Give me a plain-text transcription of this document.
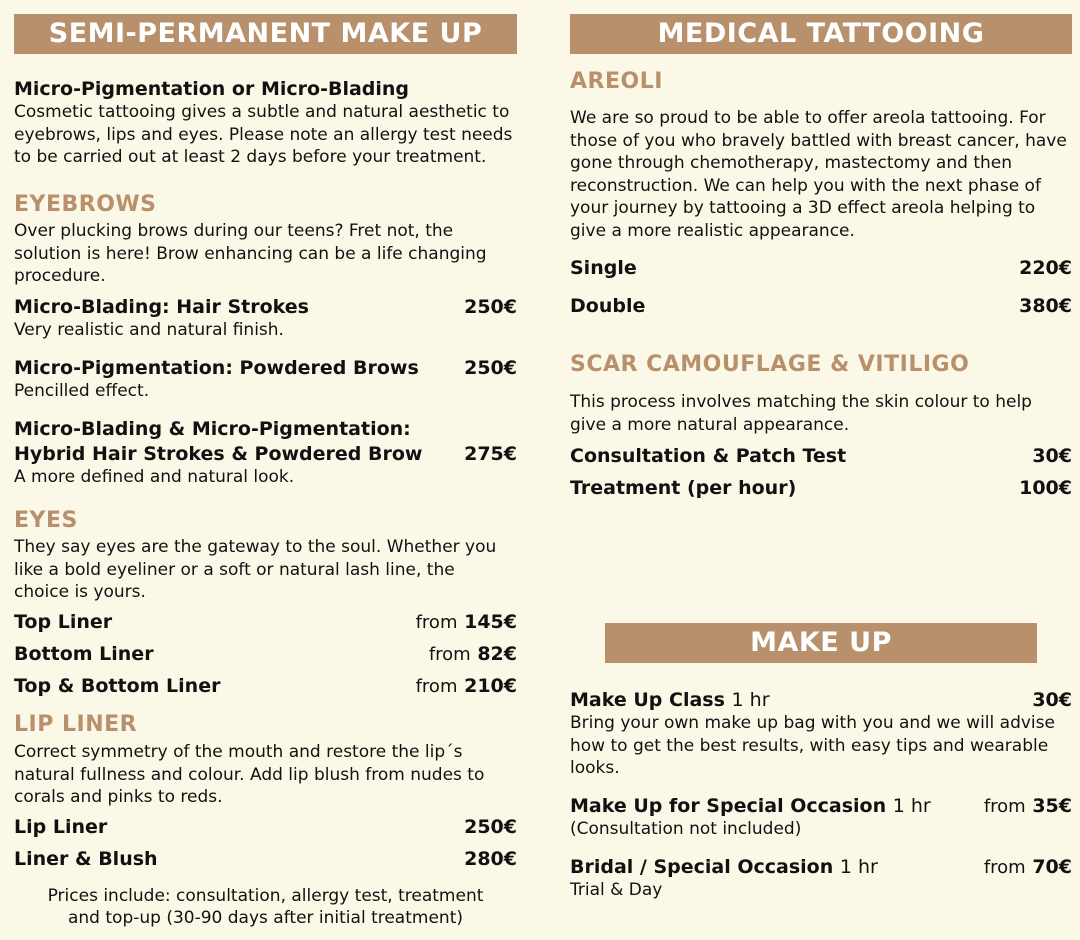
SEMI-PERMANENT MAKE UP
Micro-Pigmentation or Micro-Blading
Cosmetic tattooing gives a subtle and natural aesthetic to eyebrows, lips and eyes. Please note an allergy test needs to be carried out at least 2 days before your treatment.
EYEBROWS
Over plucking brows during our teens? Fret not, the solution is here! Brow enhancing can be a life changing procedure.
Micro-Blading: Hair Strokes	250€
Very realistic and natural finish.
Micro-Pigmentation: Powdered Brows 250€
Pencilled effect.
Micro-Blading & Micro-Pigmentation:
Hybrid Hair Strokes & Powdered Brow 275€
A more defined and natural look.
EYES
They say eyes are the gateway to the soul. Whether you like a bold eyeliner or a soft or natural lash line, the choice is yours.
Top Liner	from 145€
Bottom Liner	from 82€
Top & Bottom Liner	from 210€
LIP LINER
Correct symmetry of the mouth and restore the lip´s natural fullness and colour. Add lip blush from nudes to corals and pinks to reds.
Lip Liner	250€
Liner & Blush	280€
Prices include: consultation, allergy test, treatment
and top-up (30-90 days after initial treatment)
MEDICAL TATTOOING
AREOLI
We are so proud to be able to offer areola tattooing. For those of you who bravely battled with breast cancer, have gone through chemotherapy, mastectomy and then reconstruction. We can help you with the next phase of your journey by tattooing a 3D effect areola helping to give a more realistic appearance.
Single	220€
Double	380€
SCAR CAMOUFLAGE & VITILIGO
This process involves matching the skin colour to help give a more natural appearance.
Consultation & Patch Test	30€
Treatment (per hour)	100€
MAKE UP
Make Up Class 1 hr	30€
Bring your own make up bag with you and we will advise how to get the best results, with easy tips and wearable looks.
Make Up for Special Occasion 1 hr	from 35€
(Consultation not included)
Bridal / Special Occasion 1 hr	from 70€
Trial & Day
